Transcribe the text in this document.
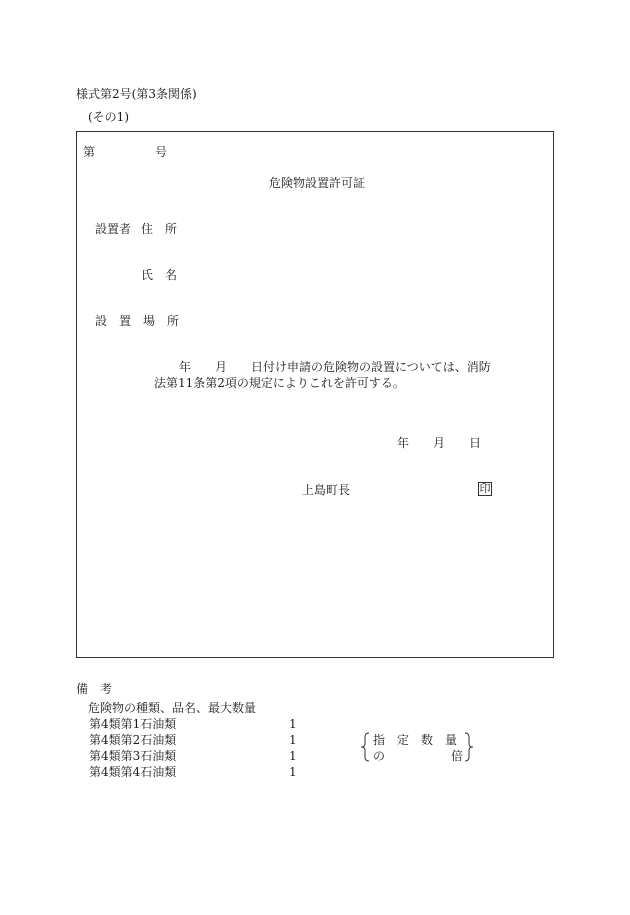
様式第2号(第3条関係)
(その1)
第	号
危険物設置許可証
設置者 住　所
氏　名
設　置　場　所
年 月 日付け申請の危険物の設置については、消防
法第11条第2項の規定によりこれを許可する。
年 月 日
上島町長	印
備　考
危険物の種類、品名、最大数量
第4類第1石油類	1
第4類第2石油類	1
第4類第3石油類	1
第4類第4石油類	1
指　定　数　量
の	倍
